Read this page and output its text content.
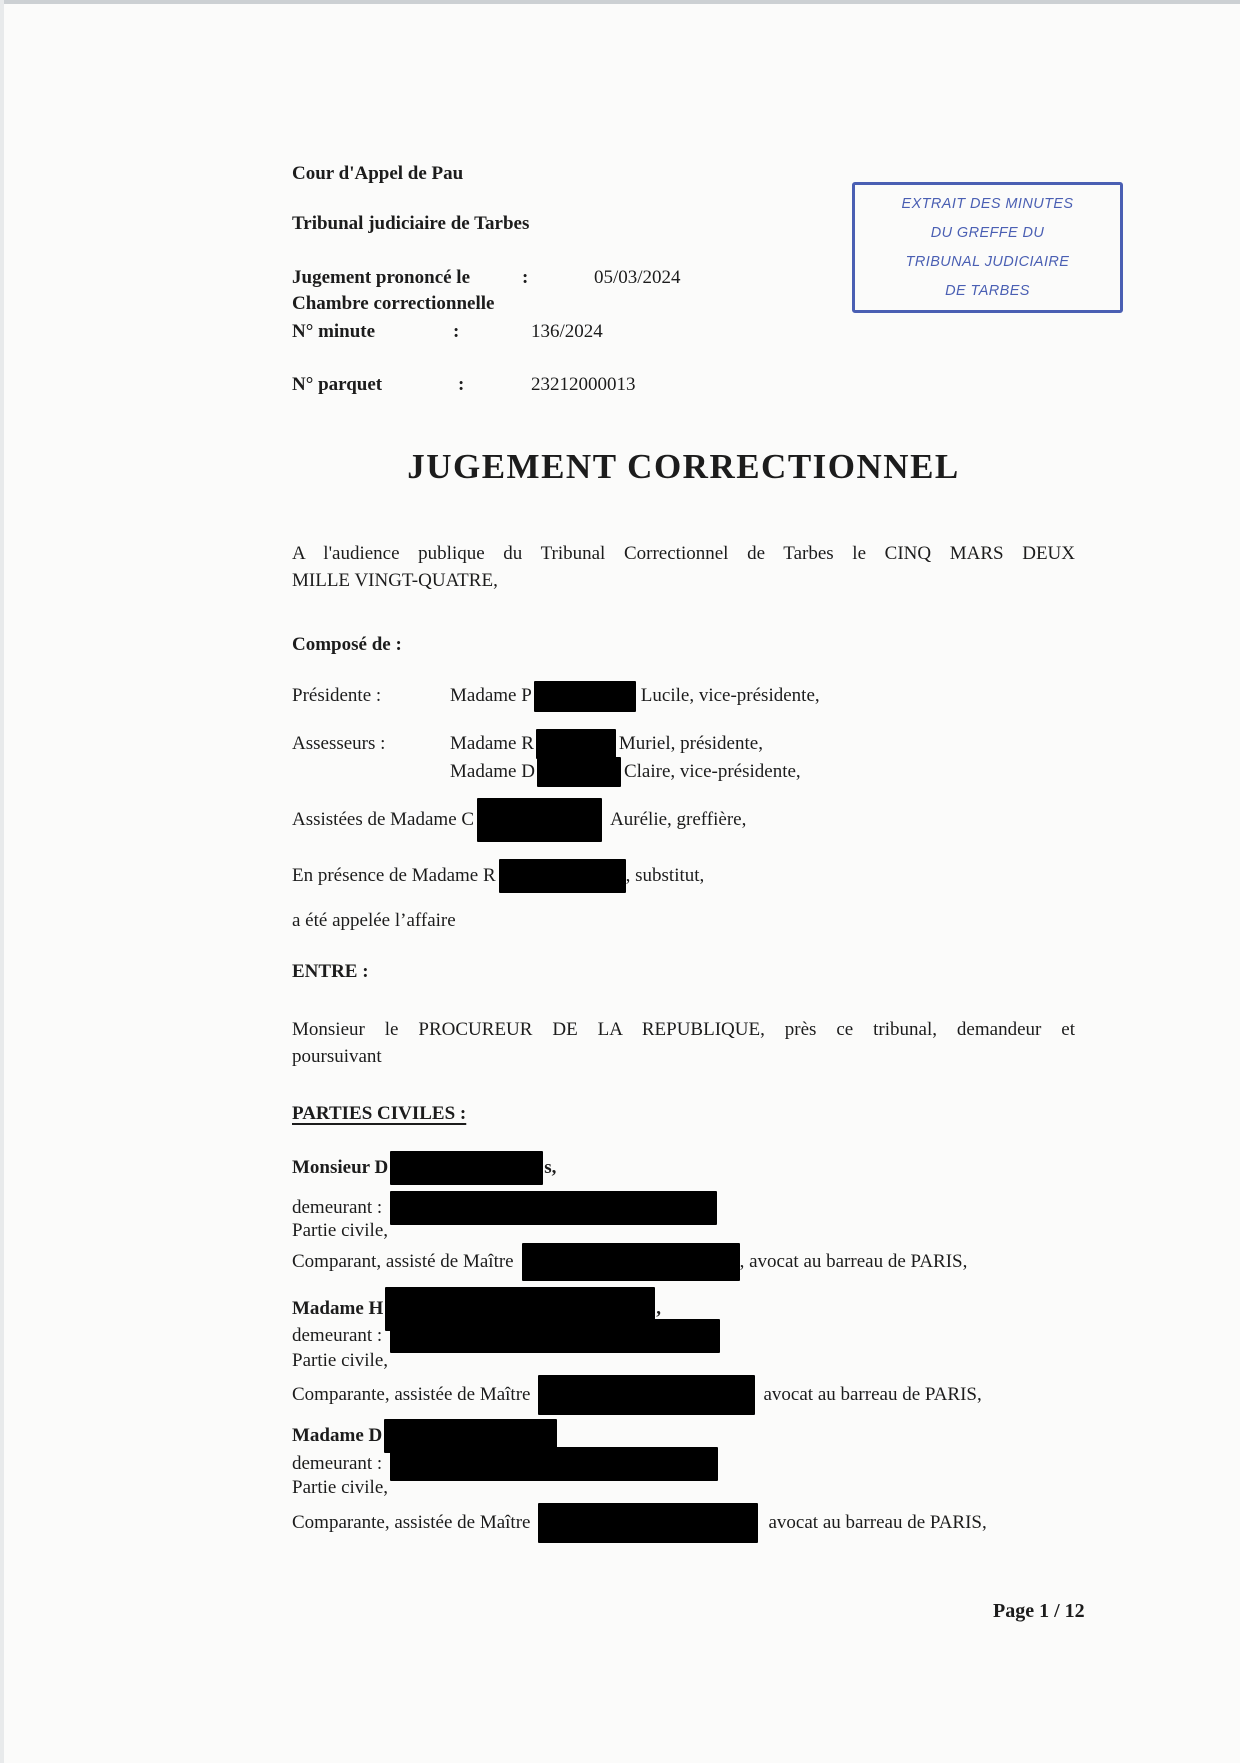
Cour d'Appel de Pau
Tribunal judiciaire de Tarbes
Jugement prononcé le	:	05/03/2024
Chambre correctionnelle
N° minute	:	136/2024
N° parquet	:	23212000013
EXTRAIT DES MINUTES
DU GREFFE DU
TRIBUNAL JUDICIAIRE
DE TARBES
JUGEMENT CORRECTIONNEL
A l'audience publique du Tribunal Correctionnel de Tarbes le CINQ MARS DEUX
MILLE VINGT-QUATRE,
Composé de :
Présidente :	Madame P	Lucile, vice-présidente,
Assesseurs :	Madame R	Muriel, présidente,
Madame D	Claire, vice-présidente,
Assistées de Madame C	Aurélie, greffière,
En présence de Madame R	, substitut,
a été appelée l’affaire
ENTRE :
Monsieur le PROCUREUR DE LA REPUBLIQUE, près ce tribunal, demandeur et
poursuivant
PARTIES CIVILES :
Monsieur D	s,
demeurant :
Partie civile,
Comparant, assisté de Maître	, avocat au barreau de PARIS,
Madame H	,
demeurant :
Partie civile,
Comparante, assistée de Maître	avocat au barreau de PARIS,
Madame D
demeurant :
Partie civile,
Comparante, assistée de Maître	avocat au barreau de PARIS,
Page 1 / 12
